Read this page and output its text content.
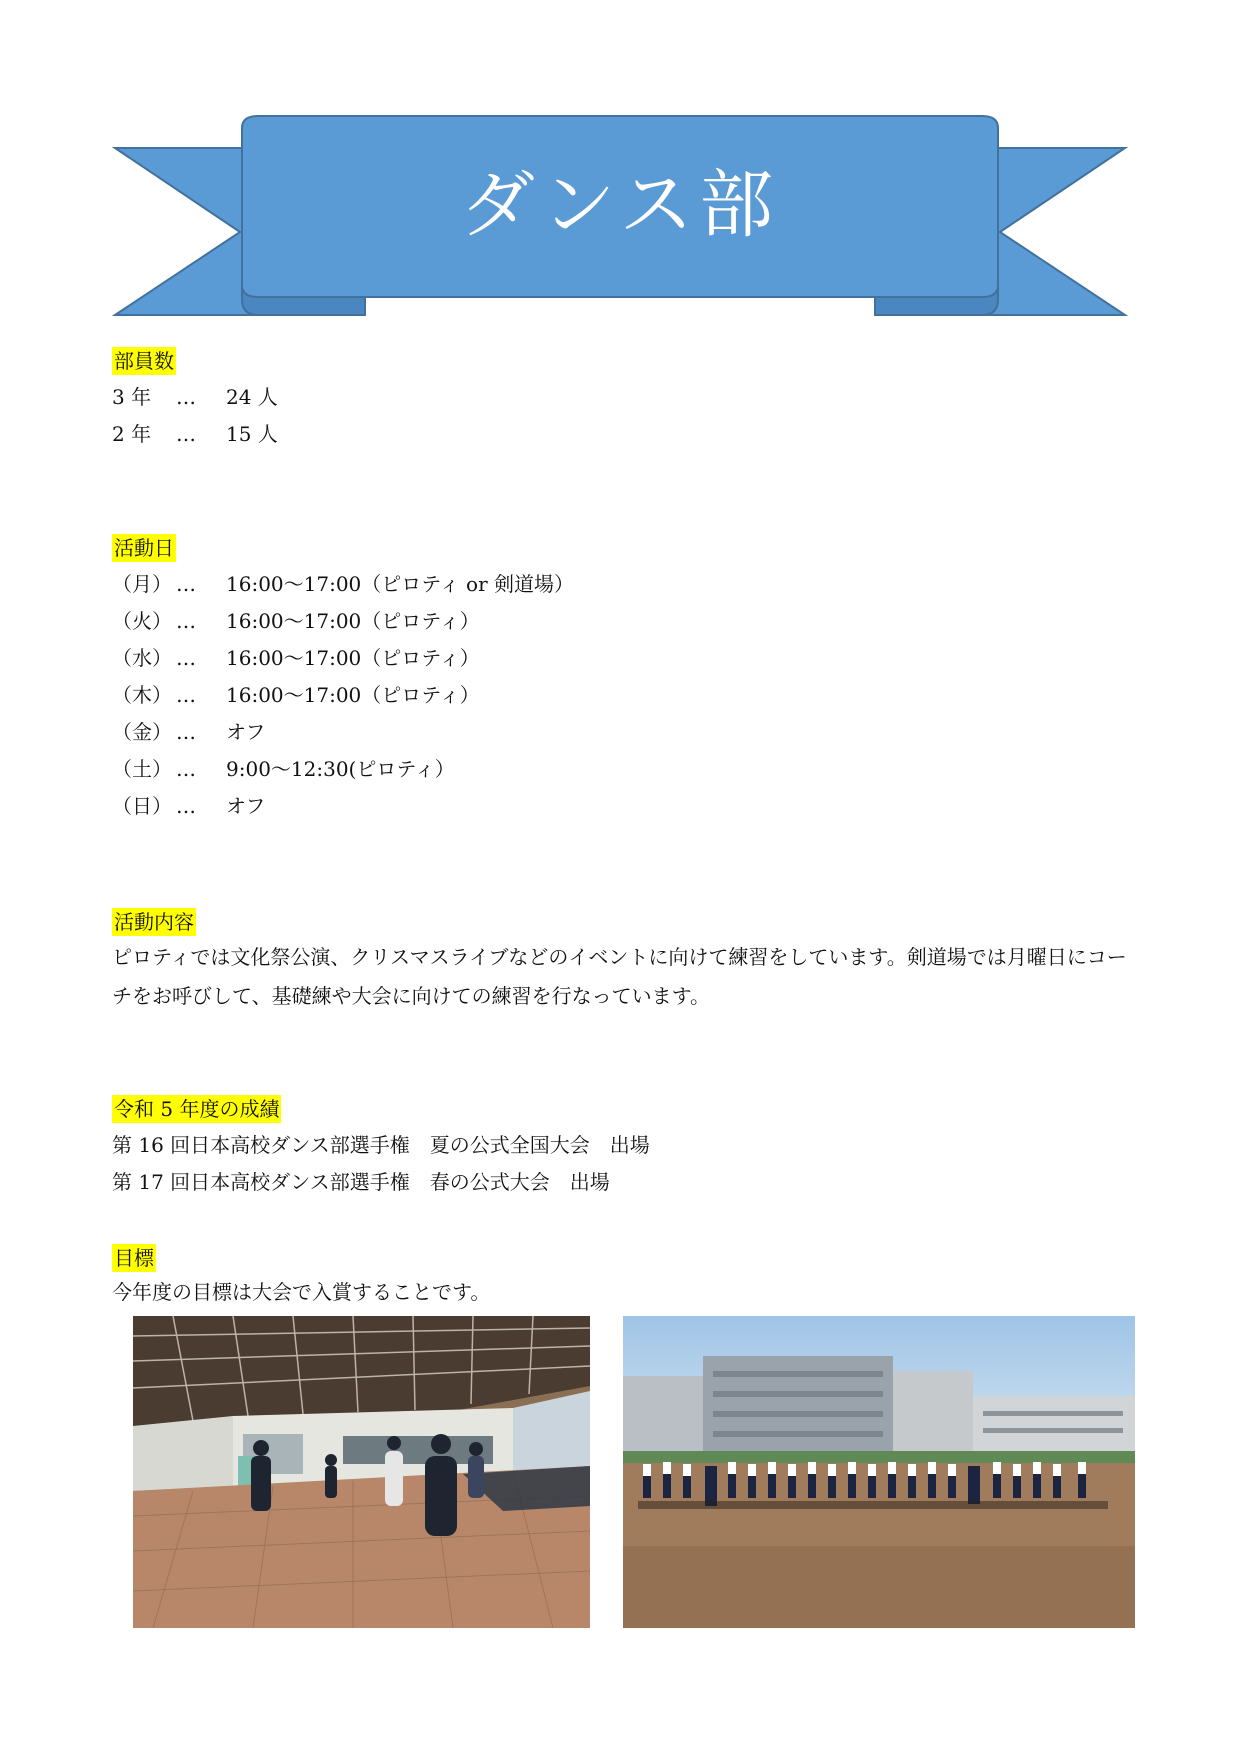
ダンス部

部員数

3 年	…	24 人
2 年	…	15 人

活動日

（月） …	16:00～17:00（ピロティ or 剣道場）
（火） …	16:00～17:00（ピロティ）
（水） …	16:00～17:00（ピロティ）
（木） …	16:00～17:00（ピロティ）
（金） …	オフ
（土） …	9:00～12:30(ピロティ）
（日） …	オフ

活動内容

ピロティでは文化祭公演、クリスマスライブなどのイベントに向けて練習をしています。剣道場では月曜日にコーチをお呼びして、基礎練や大会に向けての練習を行なっています。

令和 5 年度の成績

第 16 回日本高校ダンス部選手権　夏の公式全国大会　出場

第 17 回日本高校ダンス部選手権　春の公式大会　出場

目標

今年度の目標は大会で入賞することです。
